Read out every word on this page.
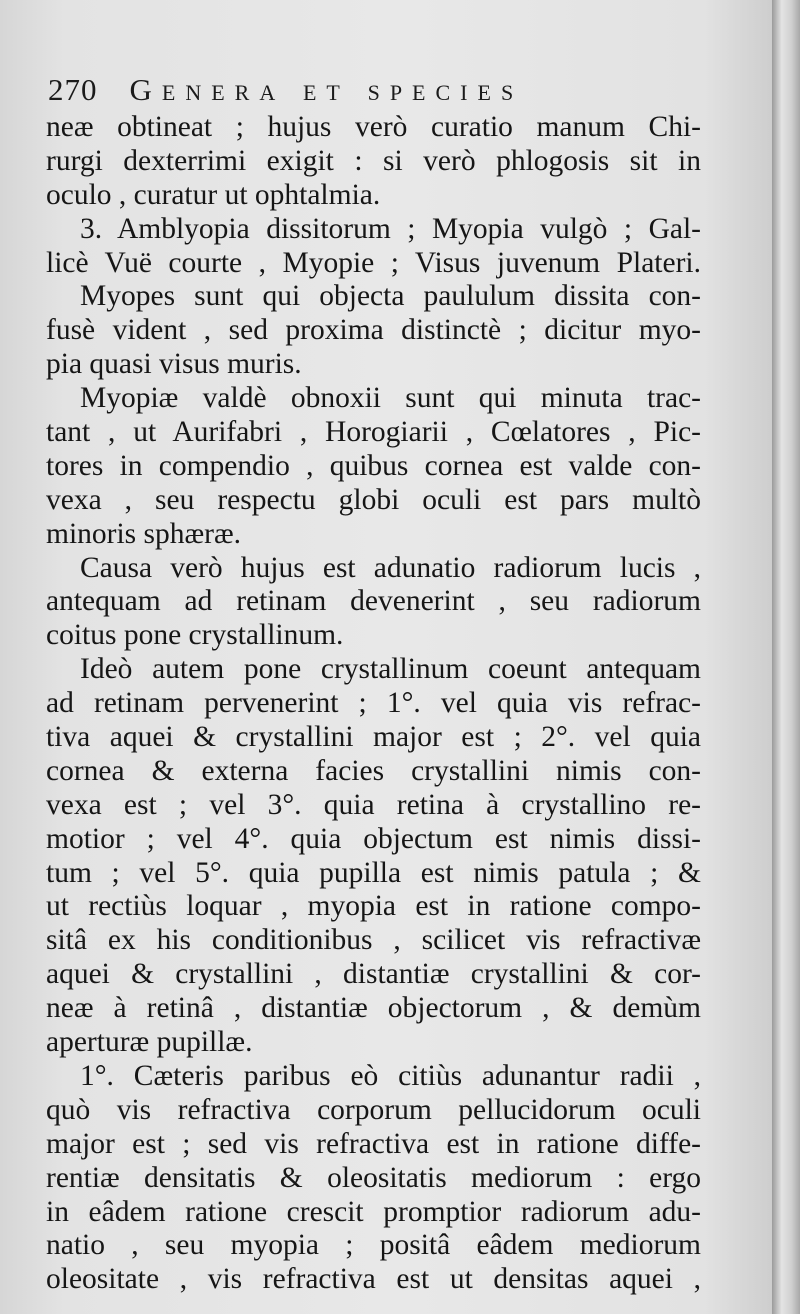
270 Genera et species
neæ obtineat ; hujus verò curatio manum Chi-
rurgi dexterrimi exigit : si verò phlogosis sit in
oculo , curatur ut ophtalmia.
3. Amblyopia dissitorum ; Myopia vulgò ; Gal-
licè Vuë courte , Myopie ; Visus juvenum Plateri.
Myopes sunt qui objecta paululum dissita con-
fusè vident , sed proxima distinctè ; dicitur myo-
pia quasi visus muris.
Myopiæ valdè obnoxii sunt qui minuta trac-
tant , ut Aurifabri , Horogiarii , Cœlatores , Pic-
tores in compendio , quibus cornea est valde con-
vexa , seu respectu globi oculi est pars multò
minoris sphæræ.
Causa verò hujus est adunatio radiorum lucis ,
antequam ad retinam devenerint , seu radiorum
coitus pone crystallinum.
Ideò autem pone crystallinum coeunt antequam
ad retinam pervenerint ; 1°. vel quia vis refrac-
tiva aquei & crystallini major est ; 2°. vel quia
cornea & externa facies crystallini nimis con-
vexa est ; vel 3°. quia retina à crystallino re-
motior ; vel 4°. quia objectum est nimis dissi-
tum ; vel 5°. quia pupilla est nimis patula ; &
ut rectiùs loquar , myopia est in ratione compo-
sitâ ex his conditionibus , scilicet vis refractivæ
aquei & crystallini , distantiæ crystallini & cor-
neæ à retinâ , distantiæ objectorum , & demùm
aperturæ pupillæ.
1°. Cæteris paribus eò citiùs adunantur radii ,
quò vis refractiva corporum pellucidorum oculi
major est ; sed vis refractiva est in ratione diffe-
rentiæ densitatis & oleositatis mediorum : ergo
in eâdem ratione crescit promptior radiorum adu-
natio , seu myopia ; positâ eâdem mediorum
oleositate , vis refractiva est ut densitas aquei ,
